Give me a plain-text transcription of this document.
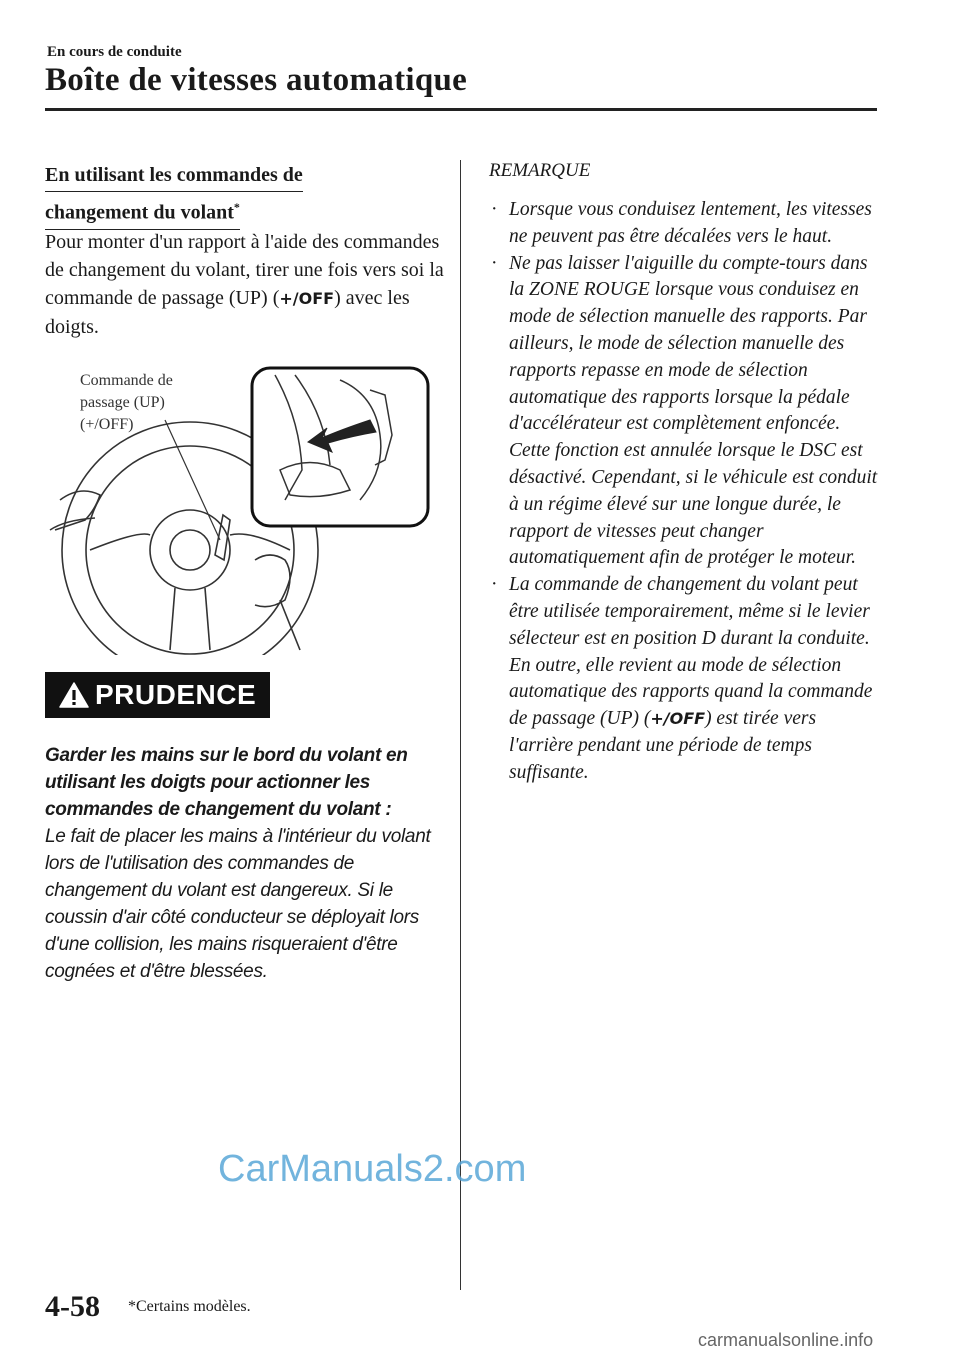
En cours de conduite
Boîte de vitesses automatique
En utilisant les commandes de
changement du volant*
Pour monter d'un rapport à l'aide des commandes de changement du volant, tirer une fois vers soi la commande de passage (UP) (+/OFF) avec les doigts.
Commande de
passage (UP)
(+/OFF)
PRUDENCE
Garder les mains sur le bord du volant en utilisant les doigts pour actionner les commandes de changement du volant :
Le fait de placer les mains à l'intérieur du volant lors de l'utilisation des commandes de changement du volant est dangereux. Si le coussin d'air côté conducteur se déployait lors d'une collision, les mains risqueraient d'être cognées et d'être blessées.
REMARQUE
· Lorsque vous conduisez lentement, les vitesses ne peuvent pas être décalées vers le haut.
· Ne pas laisser l'aiguille du compte-tours dans la ZONE ROUGE lorsque vous conduisez en mode de sélection manuelle des rapports. Par ailleurs, le mode de sélection manuelle des rapports repasse en mode de sélection automatique des rapports lorsque la pédale d'accélérateur est complètement enfoncée.
Cette fonction est annulée lorsque le DSC est désactivé. Cependant, si le véhicule est conduit à un régime élevé sur une longue durée, le rapport de vitesses peut changer automatiquement afin de protéger le moteur.
· La commande de changement du volant peut être utilisée temporairement, même si le levier sélecteur est en position D durant la conduite. En outre, elle revient au mode de sélection automatique des rapports quand la commande de passage (UP) (+/OFF) est tirée vers l'arrière pendant une période de temps suffisante.
CarManuals2.com
4-58 *Certains modèles.
carmanualsonline.info
